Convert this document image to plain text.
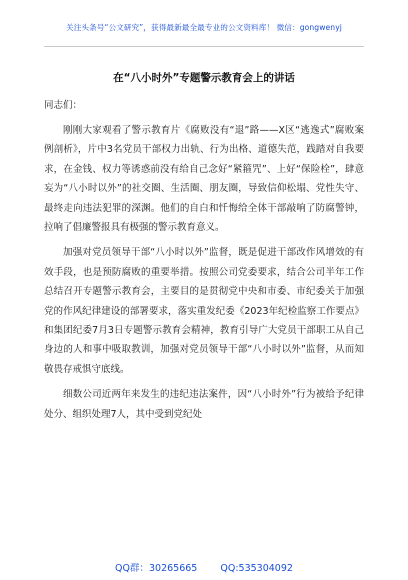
关注头条号“公文研究”，获得最新最全最专业的公文资料库！ 微信：gongwenyj
在“八小时外”专题警示教育会上的讲话

同志们：

刚刚大家观看了警示教育片《腐败没有“退”路——X区“逃逸式”腐败案例剖析》，片中3名党员干部权力出轨、行为出格、道德失范，践踏对自我要求，在金钱、权力等诱惑前没有给自己念好“紧箍咒”、上好“保险栓”，肆意妄为“八小时以外”的社交圈、生活圈、朋友圈，导致信仰松塌、党性失守、最终走向违法犯罪的深渊。他们的自白和忏悔给全体干部敲响了防腐警钟，拉响了倡廉警报具有极强的警示教育意义。

加强对党员领导干部“八小时以外”监督，既是促进干部改作风增效的有效手段，也是预防腐败的重要举措。按照公司党委要求，结合公司半年工作总结召开专题警示教育会，主要目的是贯彻党中央和市委、市纪委关于加强党的作风纪律建设的部署要求，落实重发纪委《2023年纪检监察工作要点》和集团纪委7月3日专题警示教育会精神，教育引导广大党员干部职工从自己身边的人和事中吸取教训，加强对党员领导干部“八小时以外”监督，从而知敬畏存戒惧守底线。

细数公司近两年来发生的违纪违法案件，因“八小时外”行为被给予纪律处分、组织处理7人，其中受到党纪处

QQ群：30265665 QQ:535304092
